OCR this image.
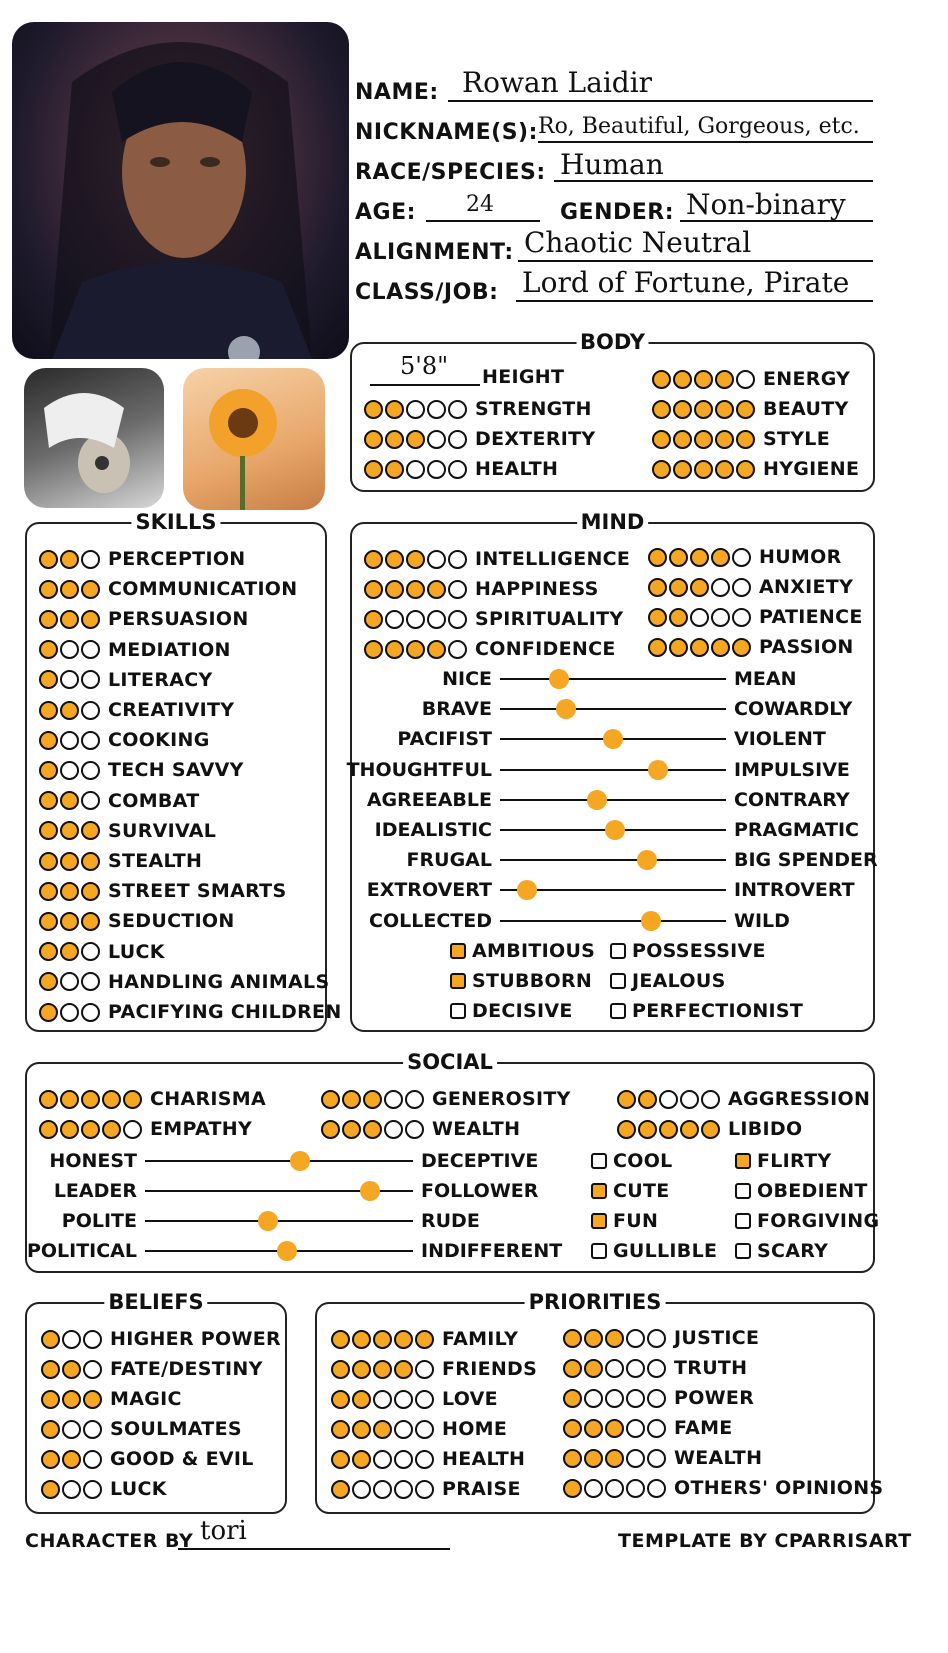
NAME: Rowan Laidir
NICKNAME(S): Ro, Beautiful, Gorgeous, etc.
RACE/SPECIES: Human
AGE: 24	GENDER: Non-binary
ALIGNMENT: Chaotic Neutral
CLASS/JOB: Lord of Fortune, Pirate
BODY
5'8" HEIGHT
STRENGTH
DEXTERITY
HEALTH
ENERGY
BEAUTY
STYLE
HYGIENE
SKILLS
PERCEPTION
COMMUNICATION
PERSUASION
MEDIATION
LITERACY
CREATIVITY
COOKING
TECH SAVVY
COMBAT
SURVIVAL
STEALTH
STREET SMARTS
SEDUCTION
LUCK
HANDLING ANIMALS
PACIFYING CHILDREN
MIND
INTELLIGENCE
HAPPINESS
SPIRITUALITY
CONFIDENCE
HUMOR
ANXIETY
PATIENCE
PASSION
NICE	MEAN
BRAVE	COWARDLY
PACIFIST	VIOLENT
THOUGHTFUL	IMPULSIVE
AGREEABLE	CONTRARY
IDEALISTIC	PRAGMATIC
FRUGAL	BIG SPENDER
EXTROVERT	INTROVERT
COLLECTED	WILD
AMBITIOUS POSSESSIVE
STUBBORN JEALOUS
DECISIVE	PERFECTIONIST
SOCIAL
CHARISMA	GENEROSITY	AGGRESSION
EMPATHY	WEALTH	LIBIDO
HONEST	DECEPTIVE
LEADER	FOLLOWER
POLITE	RUDE
POLITICAL	INDIFFERENT
COOL	FLIRTY
CUTE	OBEDIENT
FUN	FORGIVING
GULLIBLE SCARY
BELIEFS
HIGHER POWER
FATE/DESTINY
MAGIC
SOULMATES
GOOD & EVIL
LUCK
PRIORITIES
FAMILY
FRIENDS
LOVE
HOME
HEALTH
PRAISE
JUSTICE
TRUTH
POWER
FAME
WEALTH
OTHERS' OPINIONS
CHARACTER BY tori	TEMPLATE BY CPARRISART
